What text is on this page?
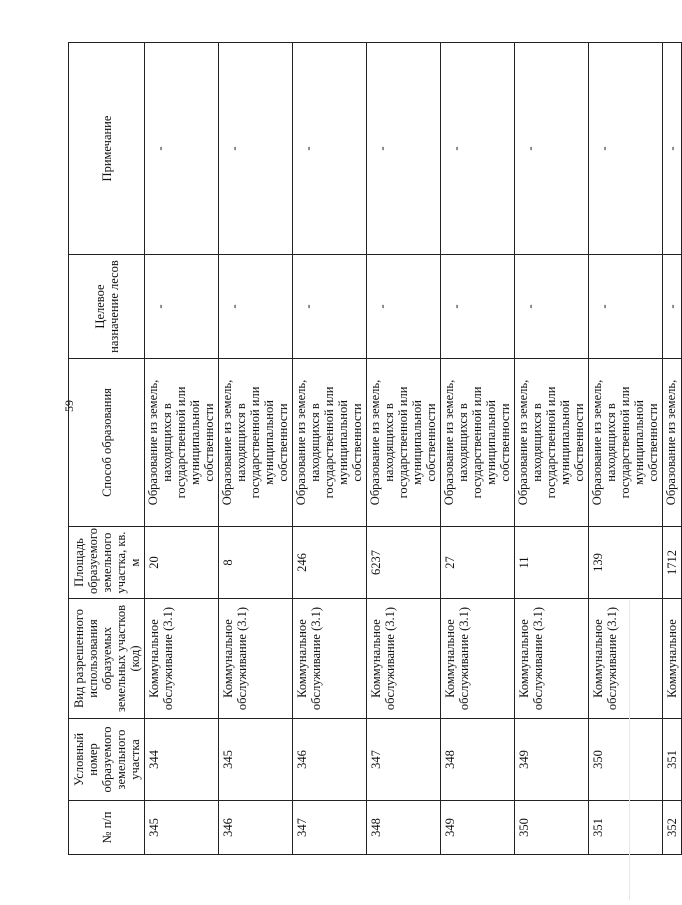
59
№ п/п	Условный номер образуемого земельного участка	Вид разрешенного использования образуемых земельных участков (код)	Площадь образуемого земельного участка, кв. м	Способ образования	Целевое назначение лесов	Примечание
345	344	Коммунальное обслуживание (3.1)	20	Образование из земель, находящихся в государственной или муниципальной собственности	-	-
346	345	Коммунальное обслуживание (3.1)	8	Образование из земель, находящихся в государственной или муниципальной собственности	-	-
347	346	Коммунальное обслуживание (3.1)	246	Образование из земель, находящихся в государственной или муниципальной собственности	-	-
348	347	Коммунальное обслуживание (3.1)	6237	Образование из земель, находящихся в государственной или муниципальной собственности	-	-
349	348	Коммунальное обслуживание (3.1)	27	Образование из земель, находящихся в государственной или муниципальной собственности	-	-
350	349	Коммунальное обслуживание (3.1)	11	Образование из земель, находящихся в государственной или муниципальной собственности	-	-
351	350	Коммунальное обслуживание (3.1)	139	Образование из земель, находящихся в государственной или муниципальной собственности	-	-
352	351	Коммунальное	1712	Образование из земель,	-	-
